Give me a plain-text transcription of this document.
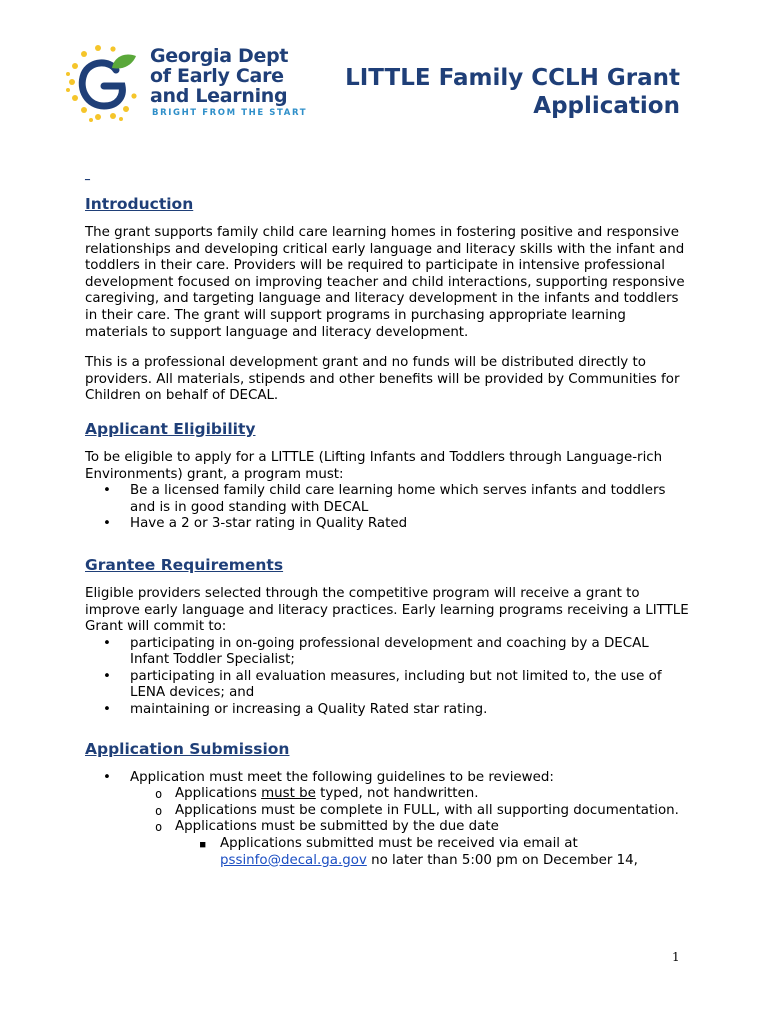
Georgia Dept
of Early Care
and Learning
BRIGHT FROM THE START
LITTLE Family CCLH Grant
Application
_
Introduction

The grant supports family child care learning homes in fostering positive and responsive relationships and developing critical early language and literacy skills with the infant and toddlers in their care. Providers will be required to participate in intensive professional development focused on improving teacher and child interactions, supporting responsive caregiving, and targeting language and literacy development in the infants and toddlers in their care. The grant will support programs in purchasing appropriate learning materials to support language and literacy development.

This is a professional development grant and no funds will be distributed directly to providers. All materials, stipends and other benefits will be provided by Communities for Children on behalf of DECAL.

Applicant Eligibility
To be eligible to apply for a LITTLE (Lifting Infants and Toddlers through Language-rich Environments) grant, a program must:
• Be a licensed family child care learning home which serves infants and toddlers and is in good standing with DECAL
• Have a 2 or 3-star rating in Quality Rated
Grantee Requirements
Eligible providers selected through the competitive program will receive a grant to improve early language and literacy practices. Early learning programs receiving a LITTLE Grant will commit to:
• participating in on-going professional development and coaching by a DECAL Infant Toddler Specialist;
• participating in all evaluation measures, including but not limited to, the use of LENA devices; and
• maintaining or increasing a Quality Rated star rating.
Application Submission
• Application must meet the following guidelines to be reviewed:
o Applications must be typed, not handwritten.
o Applications must be complete in FULL, with all supporting documentation.
o Applications must be submitted by the due date
■ Applications submitted must be received via email at pssinfo@decal.ga.gov no later than 5:00 pm on December 14,
1
